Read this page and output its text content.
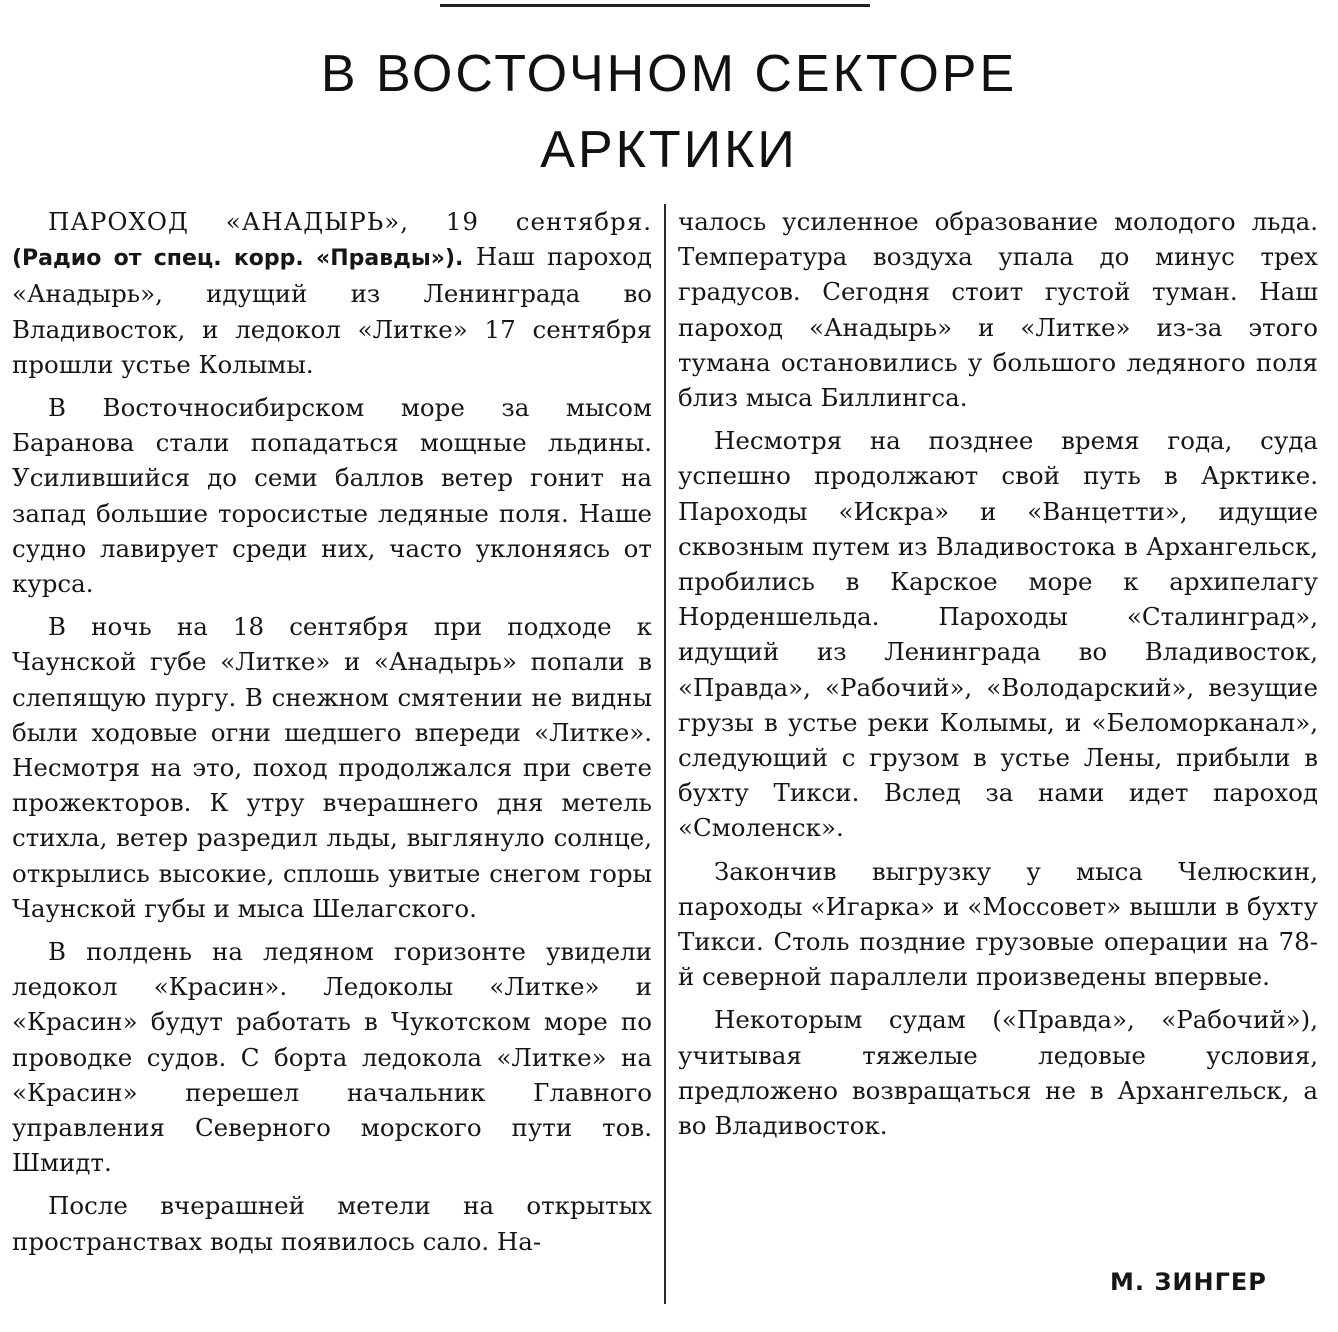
В ВОСТОЧНОМ СЕКТОРЕ
АРКТИКИ

ПАРОХОД «АНАДЫРЬ», 19 сентября. (Радио от спец. корр. «Правды»). Наш пароход «Анадырь», идущий из Ленинграда во Владивосток, и ледокол «Литке» 17 сентября прошли устье Колымы.

В Восточносибирском море за мысом Баранова стали попадаться мощные льдины. Усилившийся до семи баллов ветер гонит на запад большие торосистые ледяные поля. Наше судно лавирует среди них, часто уклоняясь от курса.

В ночь на 18 сентября при подходе к Чаунской губе «Литке» и «Анадырь» попали в слепящую пургу. В снежном смятении не видны были ходовые огни шедшего впереди «Литке». Несмотря на это, поход продолжался при свете прожекторов. К утру вчерашнего дня метель стихла, ветер разредил льды, выглянуло солнце, открылись высокие, сплошь увитые снегом горы Чаунской губы и мыса Шелагского.

В полдень на ледяном горизонте увидели ледокол «Красин». Ледоколы «Литке» и «Красин» будут работать в Чукотском море по проводке судов. С борта ледокола «Литке» на «Красин» перешел начальник Главного управления Северного морского пути тов. Шмидт.

После вчерашней метели на открытых пространствах воды появилось сало. На-

чалось усиленное образование молодого льда. Температура воздуха упала до минус трех градусов. Сегодня стоит густой туман. Наш пароход «Анадырь» и «Литке» из-за этого тумана остановились у большого ледяного поля близ мыса Биллингса.

Несмотря на позднее время года, суда успешно продолжают свой путь в Арктике. Пароходы «Искра» и «Ванцетти», идущие сквозным путем из Владивостока в Архангельск, пробились в Карское море к архипелагу Норденшельда. Пароходы «Сталинград», идущий из Ленинграда во Владивосток, «Правда», «Рабочий», «Володарский», везущие грузы в устье реки Колымы, и «Беломорканал», следующий с грузом в устье Лены, прибыли в бухту Тикси. Вслед за нами идет пароход «Смоленск».

Закончив выгрузку у мыса Челюскин, пароходы «Игарка» и «Моссовет» вышли в бухту Тикси. Столь поздние грузовые операции на 78-й северной параллели произведены впервые.

Некоторым судам («Правда», «Рабочий»), учитывая тяжелые ледовые условия, предложено возвращаться не в Архангельск, а во Владивосток.

М. ЗИНГЕР
